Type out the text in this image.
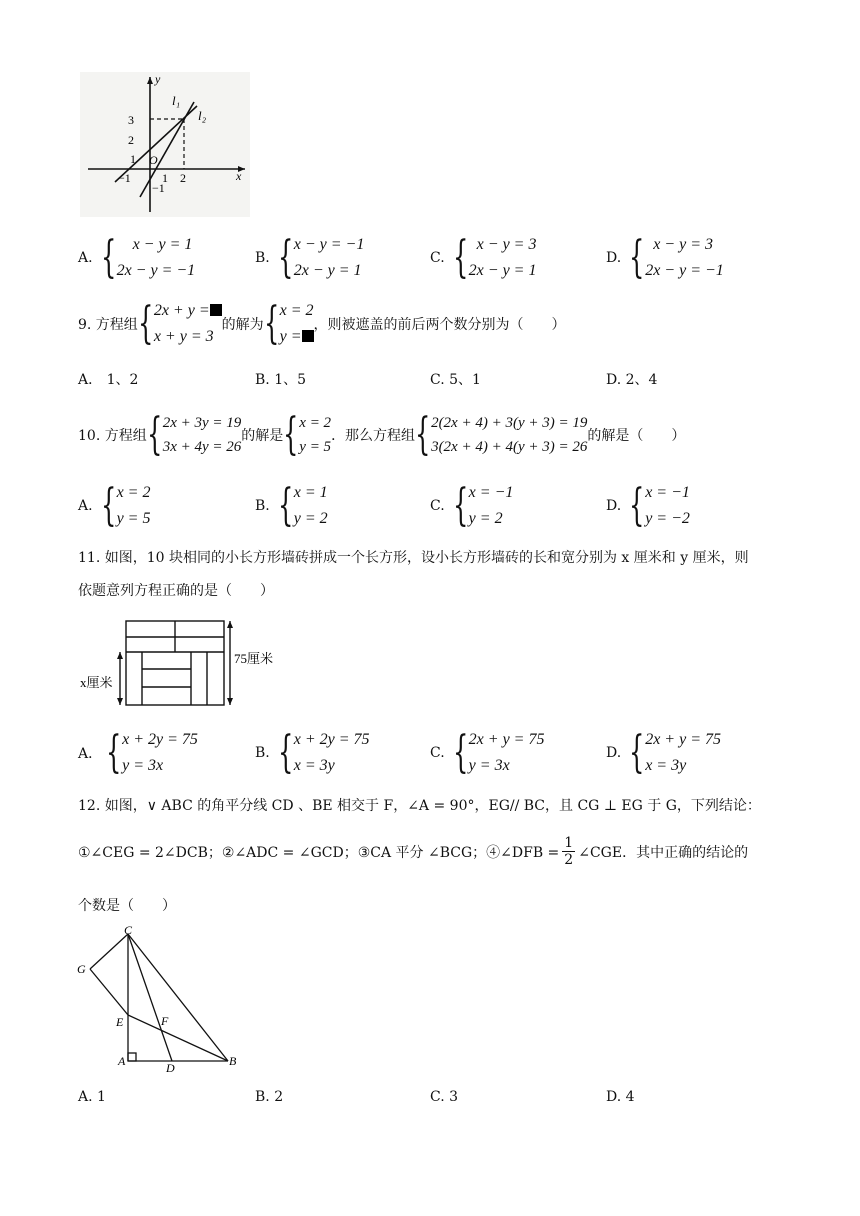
y
x
l₁
l₂
O
3
2
1
−1
−1	1 2
A. {	x − y = 1
2x − y = −1
B. { x − y = −1
2x − y = 1
C. { x − y = 3
2x − y = 1
D. { x − y = 3
2x − y = −1
9. 方程组 { 2x + y =
x + y = 3
的解为 { x = 2
y =
，则被遮盖的前后两个数分别为（　　）
A． 1、2	B. 1、5	C. 5、1	D. 2、4
10. 方程组 { 2x + 3y = 19
3x + 4y = 26
的解是 { x = 2
y = 5
．那么方程组 { 2(2x + 4) + 3(y + 3) = 19
3(2x + 4) + 4(y + 3) = 26
的解是（　　）
A. { x = 2
y = 5
B. { x = 1
y = 2
C. { x = −1
y = 2
D. { x = −1
y = −2
11. 如图，10 块相同的小长方形墙砖拼成一个长方形，设小长方形墙砖的长和宽分别为 x 厘米和 y 厘米，则
依题意列方程正确的是（　　）
75厘米
x厘米
A． { x + 2y = 75
y = 3x
B. { x + 2y = 75
x = 3y
C. { 2x + y = 75
y = 3x
D. { 2x + y = 75
x = 3y
12. 如图，∨ ABC 的角平分线 CD 、BE 相交于 F，∠A = 90°，EG// BC，且 CG ⊥ EG 于 G，下列结论：
①∠CEG = 2∠DCB；②∠ADC = ∠GCD；③CA 平分 ∠BCG；④∠DFB = $\frac{1}{2}$ ∠CGE．其中正确的结论的
个数是（　　）
C
G
E	F
A	D	B
A. 1	B. 2	C. 3	D. 4
